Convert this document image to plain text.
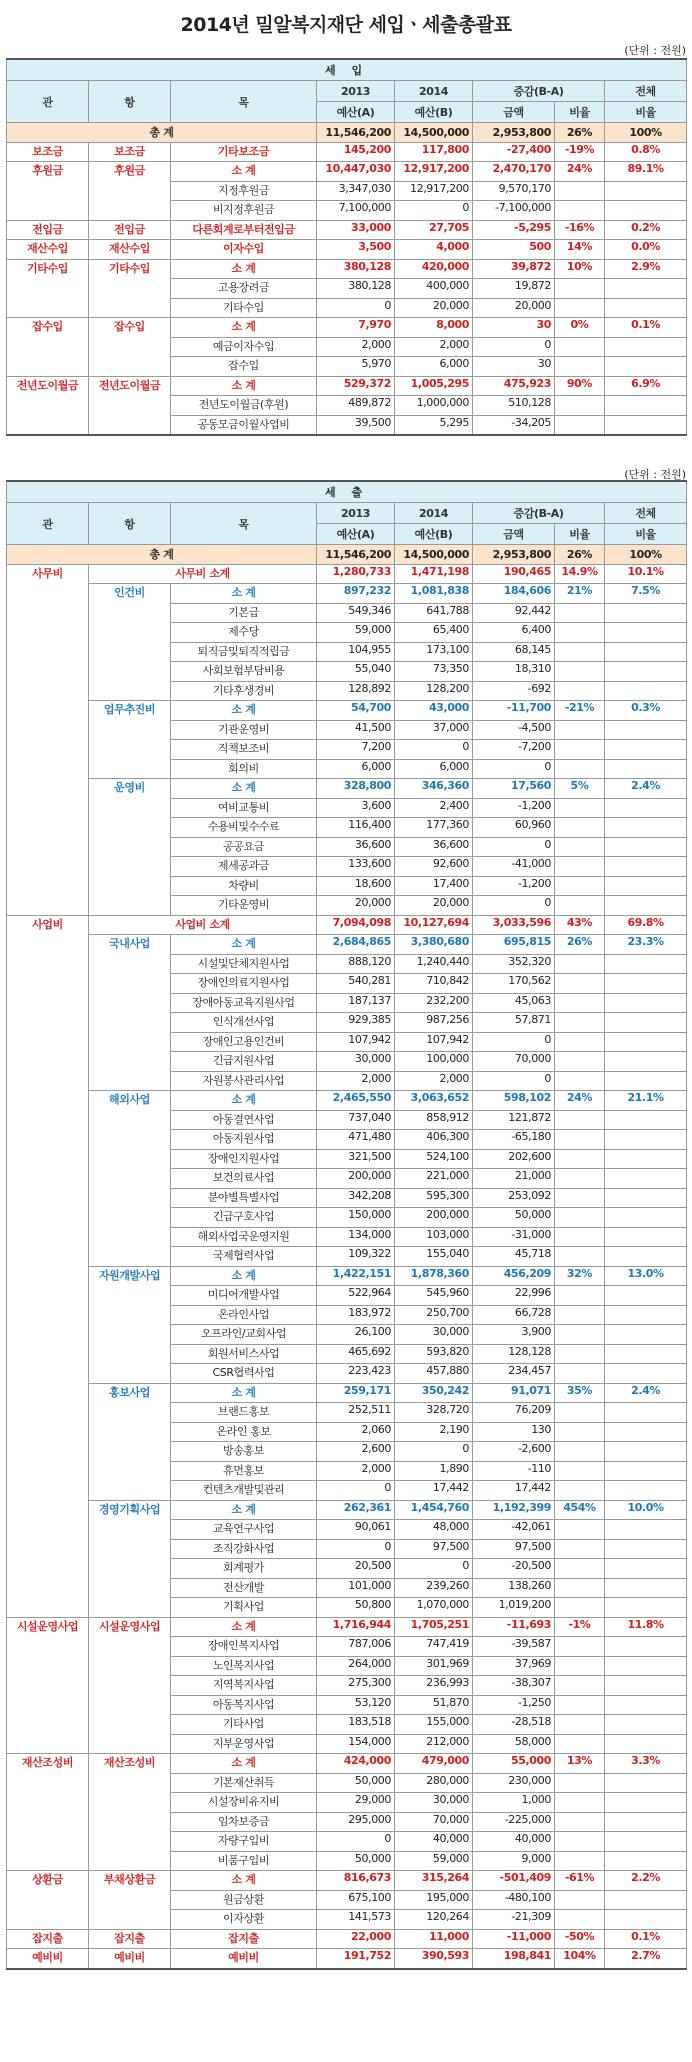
2014년 밀알복지재단 세입ㆍ세출총괄표
(단위 : 전원)
세 입							
관	항	목	2013	2014	증감(B-A)		전체
			예산(A)	예산(B)	금액	비율	비율
총 계			11,546,200	14,500,000	2,953,800	26%	100%
보조금	보조금	기타보조금	145,200	117,800	-27,400	-19%	0.8%
후원금	후원금	소 계	10,447,030	12,917,200	2,470,170	24%	89.1%
		지정후원금	3,347,030	12,917,200	9,570,170		
		비지정후원금	7,100,000	0	-7,100,000		
전입금	전입금	다른회계로부터전입금	33,000	27,705	-5,295	-16%	0.2%
재산수입	재산수입	이자수입	3,500	4,000	500	14%	0.0%
기타수입	기타수입	소 계	380,128	420,000	39,872	10%	2.9%
		고용장려금	380,128	400,000	19,872		
		기타수입	0	20,000	20,000		
잡수입	잡수입	소 계	7,970	8,000	30	0%	0.1%
		예금이자수입	2,000	2,000	0		
		잡수입	5,970	6,000	30		
전년도이월금	전년도이월금	소 계	529,372	1,005,295	475,923	90%	6.9%
		전년도이월금(후원)	489,872	1,000,000	510,128		
		공동모금이월사업비	39,500	5,295	-34,205		
(단위 : 전원)
세 출							
관	항	목	2013	2014	증감(B-A)		전체
			예산(A)	예산(B)	금액	비율	비율
총 계			11,546,200	14,500,000	2,953,800	26%	100%
사무비	사무비 소계		1,280,733	1,471,198	190,465	14.9%	10.1%
	인건비	소 계	897,232	1,081,838	184,606	21%	7.5%
		기본급	549,346	641,788	92,442		
		제수당	59,000	65,400	6,400		
		퇴직금및퇴직적립금	104,955	173,100	68,145		
		사회보험부담비용	55,040	73,350	18,310		
		기타후생경비	128,892	128,200	-692		
	업무추진비	소 계	54,700	43,000	-11,700	-21%	0.3%
		기관운영비	41,500	37,000	-4,500		
		직책보조비	7,200	0	-7,200		
		회의비	6,000	6,000	0		
	운영비	소 계	328,800	346,360	17,560	5%	2.4%
		여비교통비	3,600	2,400	-1,200		
		수용비및수수료	116,400	177,360	60,960		
		공공요금	36,600	36,600	0		
		제세공과금	133,600	92,600	-41,000		
		차량비	18,600	17,400	-1,200		
		기타운영비	20,000	20,000	0		
사업비	사업비 소계		7,094,098	10,127,694	3,033,596	43%	69.8%
	국내사업	소 계	2,684,865	3,380,680	695,815	26%	23.3%
		시설및단체지원사업	888,120	1,240,440	352,320		
		장애인의료지원사업	540,281	710,842	170,562		
		장애아동교육지원사업	187,137	232,200	45,063		
		인식개선사업	929,385	987,256	57,871		
		장애인고용인건비	107,942	107,942	0		
		긴급지원사업	30,000	100,000	70,000		
		자원봉사관리사업	2,000	2,000	0		
	해외사업	소 계	2,465,550	3,063,652	598,102	24%	21.1%
		아동결연사업	737,040	858,912	121,872		
		아동지원사업	471,480	406,300	-65,180		
		장애인지원사업	321,500	524,100	202,600		
		보건의료사업	200,000	221,000	21,000		
		분야별특별사업	342,208	595,300	253,092		
		긴급구호사업	150,000	200,000	50,000		
		해외사업국운영지원	134,000	103,000	-31,000		
		국제협력사업	109,322	155,040	45,718		
	자원개발사업	소 계	1,422,151	1,878,360	456,209	32%	13.0%
		미디어개발사업	522,964	545,960	22,996		
		온라인사업	183,972	250,700	66,728		
		오프라인/교회사업	26,100	30,000	3,900		
		회원서비스사업	465,692	593,820	128,128		
		CSR협력사업	223,423	457,880	234,457		
	홍보사업	소 계	259,171	350,242	91,071	35%	2.4%
		브랜드홍보	252,511	328,720	76,209		
		온라인 홍보	2,060	2,190	130		
		방송홍보	2,600	0	-2,600		
		휴먼홍보	2,000	1,890	-110		
		컨텐츠개발및관리	0	17,442	17,442		
	경영기획사업	소 계	262,361	1,454,760	1,192,399	454%	10.0%
		교육연구사업	90,061	48,000	-42,061		
		조직강화사업	0	97,500	97,500		
		회계평가	20,500	0	-20,500		
		전산개발	101,000	239,260	138,260		
		기획사업	50,800	1,070,000	1,019,200		
시설운영사업	시설운영사업	소 계	1,716,944	1,705,251	-11,693	-1%	11.8%
		장애인복지사업	787,006	747,419	-39,587		
		노인복지사업	264,000	301,969	37,969		
		지역복지사업	275,300	236,993	-38,307		
		아동복지사업	53,120	51,870	-1,250		
		기타사업	183,518	155,000	-28,518		
		지부운영사업	154,000	212,000	58,000		
재산조성비	재산조성비	소 계	424,000	479,000	55,000	13%	3.3%
		기본재산취득	50,000	280,000	230,000		
		시설장비유지비	29,000	30,000	1,000		
		임차보증금	295,000	70,000	-225,000		
		자량구입비	0	40,000	40,000		
		비품구입비	50,000	59,000	9,000		
상환금	부채상환금	소 계	816,673	315,264	-501,409	-61%	2.2%
		원금상환	675,100	195,000	-480,100		
		이자상환	141,573	120,264	-21,309		
잡지출	잡지출	잡지출	22,000	11,000	-11,000	-50%	0.1%
예비비	예비비	예비비	191,752	390,593	198,841	104%	2.7%
